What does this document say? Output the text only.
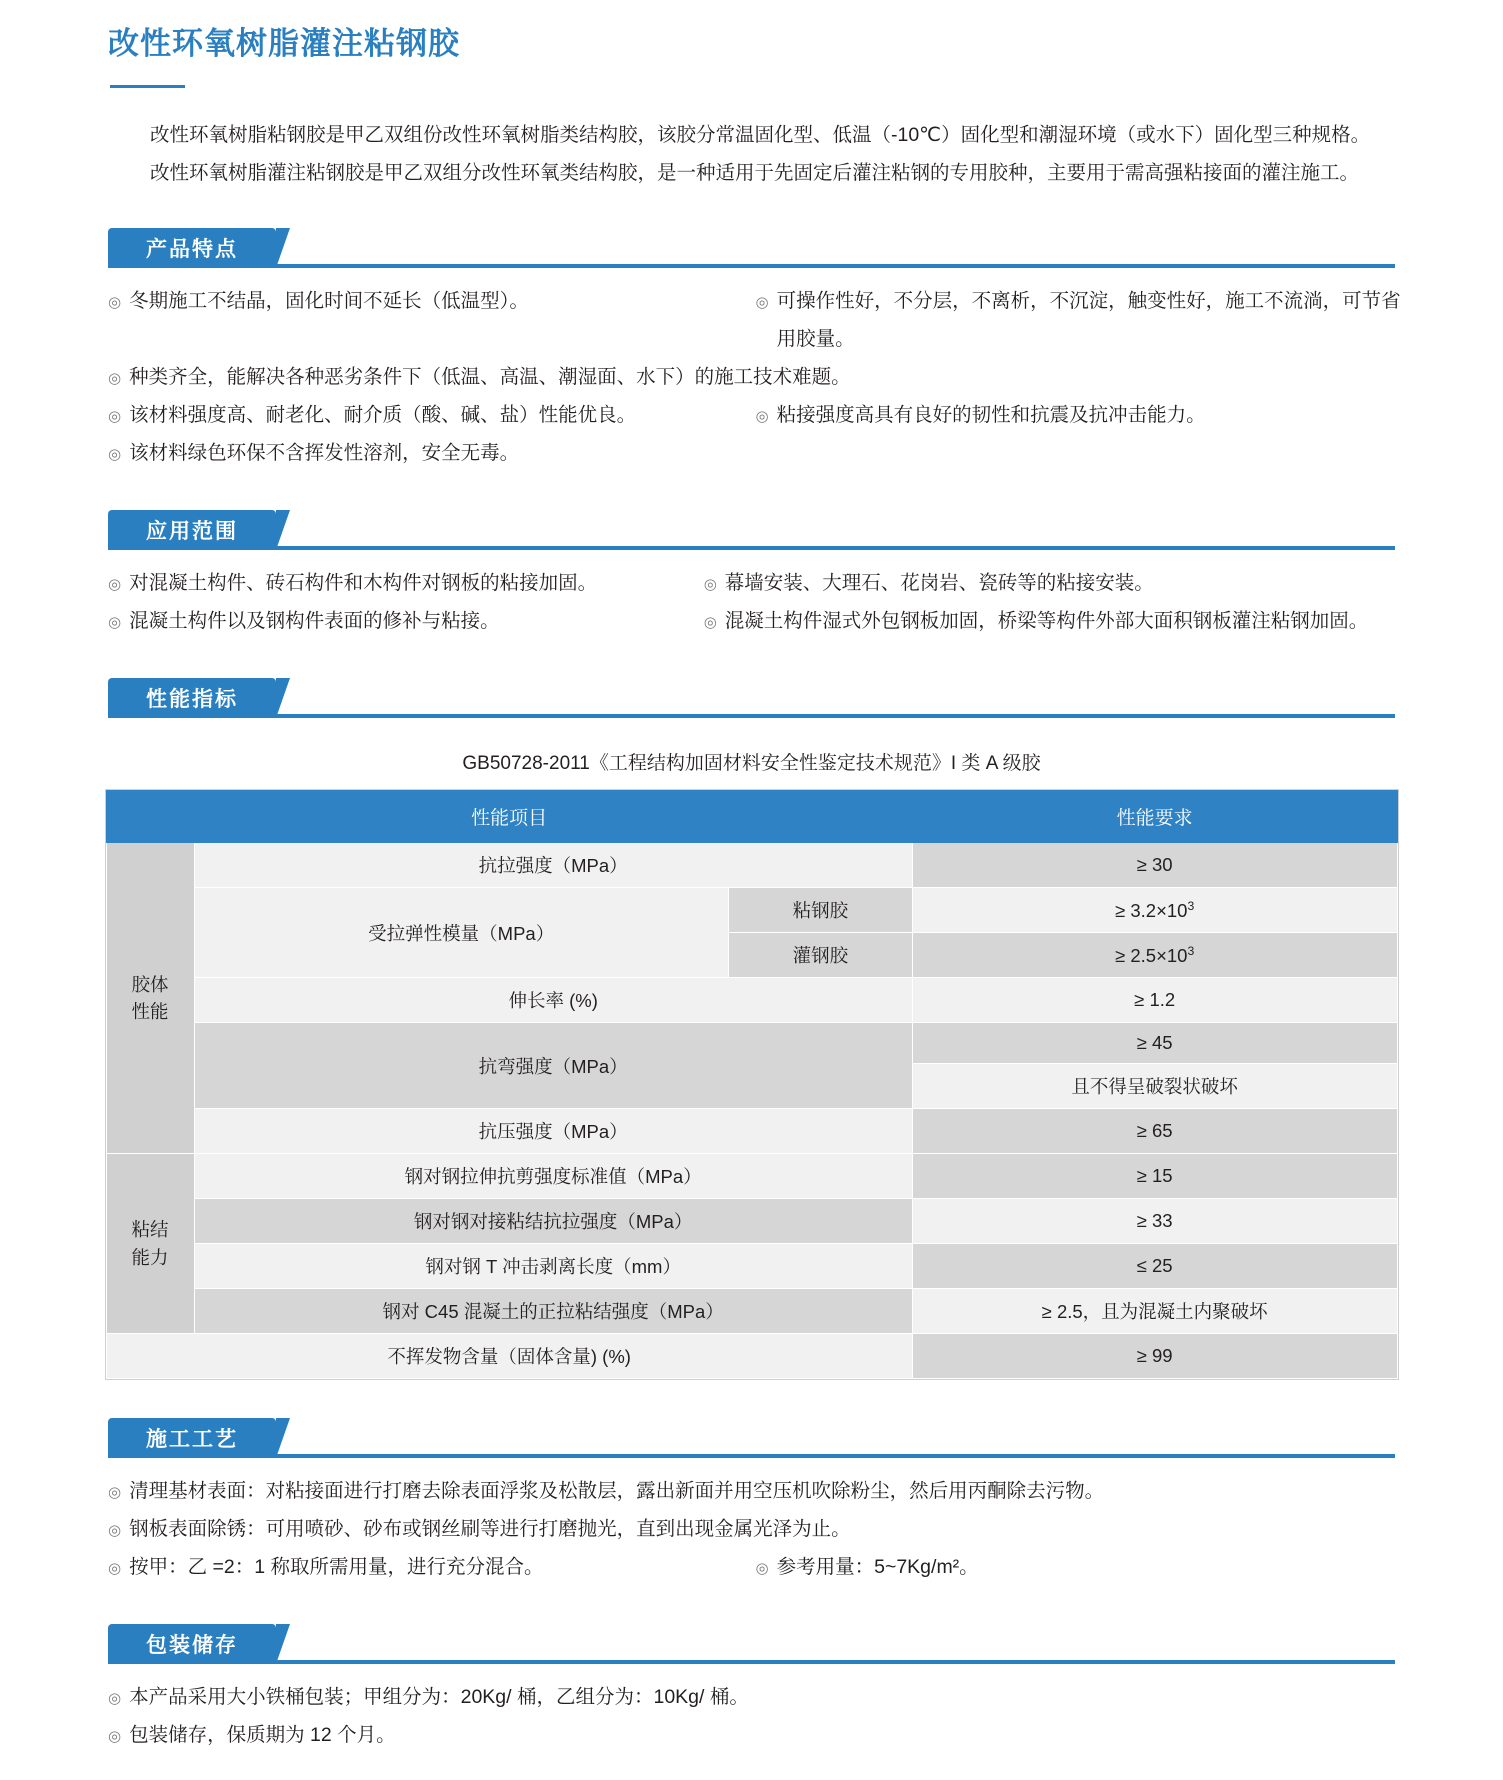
改性环氧树脂灌注粘钢胶

改性环氧树脂粘钢胶是甲乙双组份改性环氧树脂类结构胶，该胶分常温固化型、低温（-10℃）固化型和潮湿环境（或水下）固化型三种规格。

改性环氧树脂灌注粘钢胶是甲乙双组分改性环氧类结构胶，是一种适用于先固定后灌注粘钢的专用胶种，主要用于需高强粘接面的灌注施工。

产品特点
◎ 冬期施工不结晶，固化时间不延长（低温型）。	◎ 可操作性好，不分层，不离析，不沉淀，触变性好，施工不流淌，可节省用胶量。
◎ 种类齐全，能解决各种恶劣条件下（低温、高温、潮湿面、水下）的施工技术难题。
◎ 该材料强度高、耐老化、耐介质（酸、碱、盐）性能优良。	◎ 粘接强度高具有良好的韧性和抗震及抗冲击能力。
◎ 该材料绿色环保不含挥发性溶剂，安全无毒。
应用范围
◎ 对混凝土构件、砖石构件和木构件对钢板的粘接加固。	◎ 幕墙安装、大理石、花岗岩、瓷砖等的粘接安装。
◎ 混凝土构件以及钢构件表面的修补与粘接。	◎ 混凝土构件湿式外包钢板加固，桥梁等构件外部大面积钢板灌注粘钢加固。
性能指标
GB50728-2011《工程结构加固材料安全性鉴定技术规范》I 类 A 级胶
性能项目			性能要求
胶体
性能	抗拉强度（MPa）		≥ 30
	受拉弹性模量（MPa）	粘钢胶	≥ $3.2\times 10^3$
		灌钢胶	≥ $2.5\times 10^3$
	伸长率 (%)		≥ 1.2
	抗弯强度（MPa）		≥ 45
			且不得呈破裂状破坏
	抗压强度（MPa）		≥ 65
粘结
能力	钢对钢拉伸抗剪强度标准值（MPa）		≥ 15
	钢对钢对接粘结抗拉强度（MPa）		≥ 33
	钢对钢 T 冲击剥离长度（mm）		≤ 25
	钢对 C45 混凝土的正拉粘结强度（MPa）		≥ 2.5，且为混凝土内聚破坏
不挥发物含量（固体含量) (%)			≥ 99
施工工艺
◎ 清理基材表面：对粘接面进行打磨去除表面浮浆及松散层，露出新面并用空压机吹除粉尘，然后用丙酮除去污物。
◎ 钢板表面除锈：可用喷砂、砂布或钢丝刷等进行打磨抛光，直到出现金属光泽为止。
◎ 按甲：乙 =2：1 称取所需用量，进行充分混合。	◎ 参考用量：5~7Kg/m²。
包装储存
◎ 本产品采用大小铁桶包装；甲组分为：20Kg/ 桶，乙组分为：10Kg/ 桶。
◎ 包装储存，保质期为 12 个月。
